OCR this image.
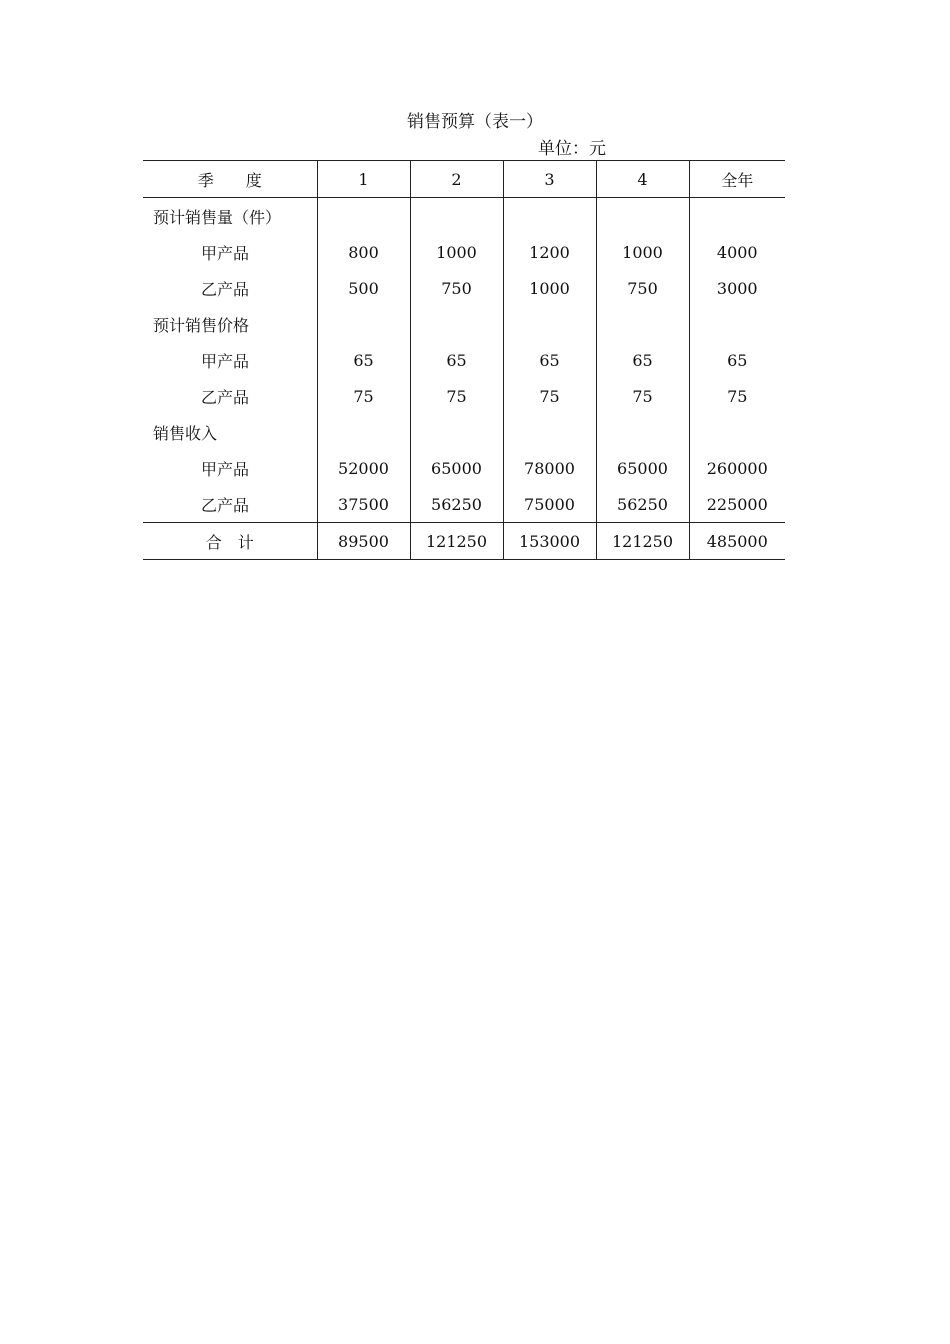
销售预算（表一）
单位：元
季　　度	1	2	3	4	全年
预计销售量（件）					
甲产品	800	1000	1200	1000	4000
乙产品	500	750	1000	750	3000
预计销售价格					
甲产品	65	65	65	65	65
乙产品	75	75	75	75	75
销售收入					
甲产品	52000	65000	78000	65000	260000
乙产品	37500	56250	75000	56250	225000
合　计	89500	121250	153000	121250	485000
